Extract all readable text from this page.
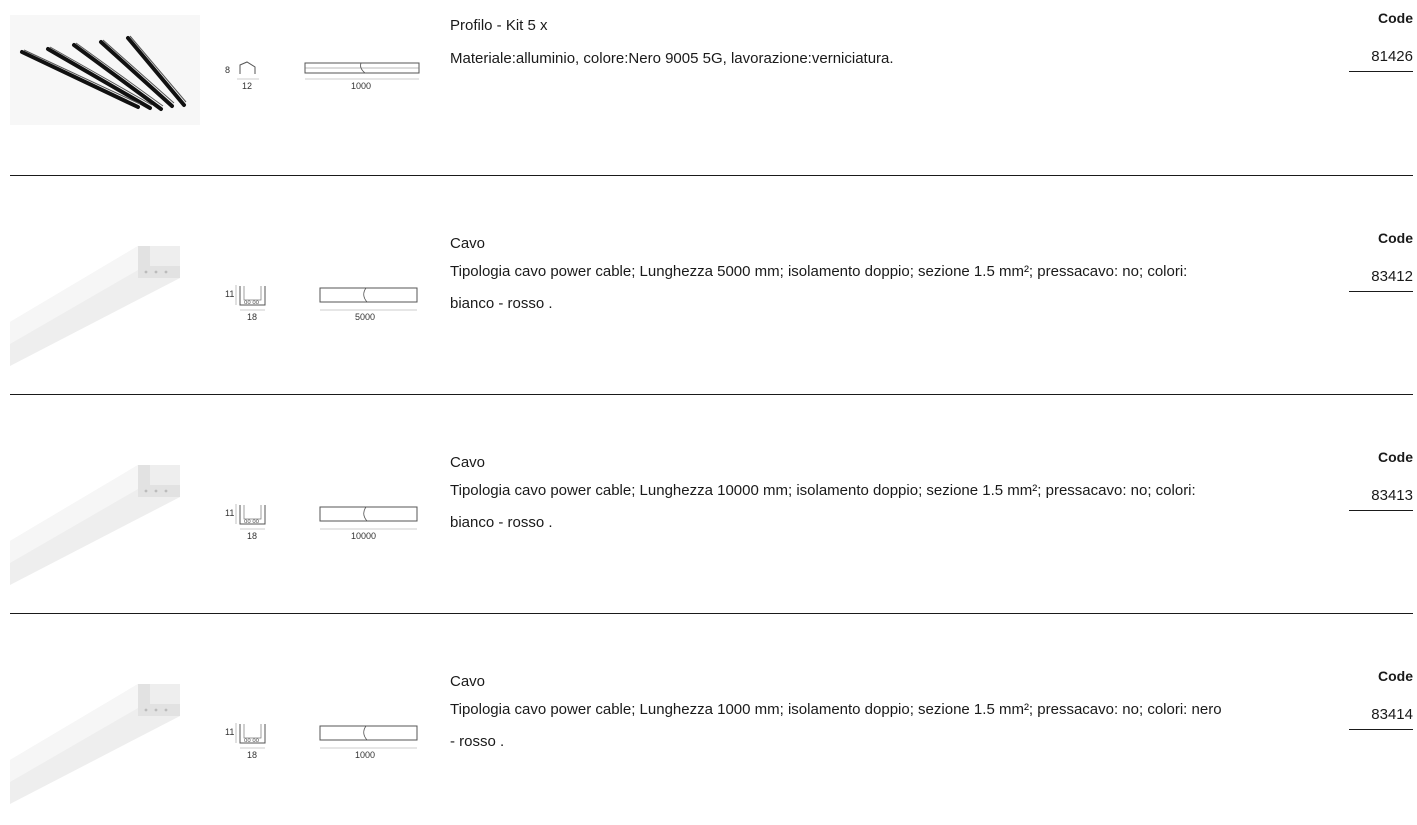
8
12	1000
Profilo - Kit 5 x
Materiale:alluminio, colore:Nero 9005 5G, lavorazione:verniciatura.
Code
81426
11
oo oo
18	5000
Cavo
Tipologia cavo power cable; Lunghezza 5000 mm; isolamento doppio; sezione 1.5 mm²; pressacavo: no; colori: bianco - rosso .
Code
83412
11
oo oo
18	10000
Cavo
Tipologia cavo power cable; Lunghezza 10000 mm; isolamento doppio; sezione 1.5 mm²; pressacavo: no; colori: bianco - rosso .
Code
83413
11
oo oo
18	1000
Cavo
Tipologia cavo power cable; Lunghezza 1000 mm; isolamento doppio; sezione 1.5 mm²; pressacavo: no; colori: nero - rosso .
Code
83414
